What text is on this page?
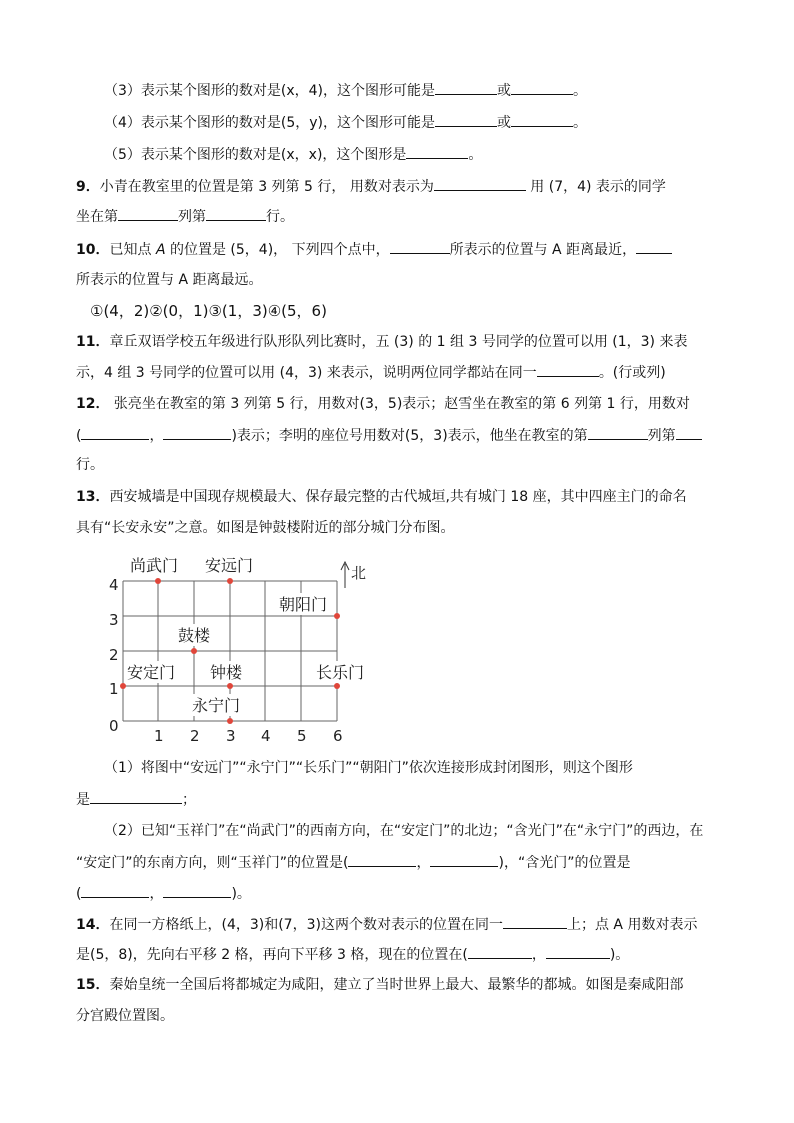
（3）表示某个图形的数对是(x，4)，这个图形可能是	或	。
（4）表示某个图形的数对是(5，y)，这个图形可能是	或	。
（5）表示某个图形的数对是(x，x)，这个图形是	。
9．小青在教室里的位置是第 3 列第 5 行， 用数对表示为	用 (7，4) 表示的同学
坐在第	列第	行。
10．已知点 A 的位置是 (5，4)， 下列四个点中，	所表示的位置与 A 距离最近，
所表示的位置与 A 距离最远。
①(4，2)②(0，1)③(1，3)④(5，6)
11．章丘双语学校五年级进行队形队列比赛时，五 (3) 的 1 组 3 号同学的位置可以用 (1，3) 来表
示，4 组 3 号同学的位置可以用 (4，3) 来表示，说明两位同学都站在同一	。(行或列)
12． 张亮坐在教室的第 3 列第 5 行，用数对(3，5)表示；赵雪坐在教室的第 6 列第 1 行，用数对
(	，	)表示；李明的座位号用数对(5，3)表示，他坐在教室的第	列第
行。
13．西安城墙是中国现存规模最大、保存最完整的古代城垣,共有城门 18 座，其中四座主门的命名
具有“长安永安”之意。如图是钟鼓楼附近的部分城门分布图。
北
4
3
2
1
0
1 2 3 4 5 6
尚武门 安远门
朝阳门
鼓楼
安定门 钟楼	长乐门
永宁门
（1）将图中“安远门”“永宁门”“长乐门”“朝阳门”依次连接形成封闭图形，则这个图形
是	；
（2）已知“玉祥门”在“尚武门”的西南方向，在“安定门”的北边；“含光门”在“永宁门”的西边，在
“安定门”的东南方向，则“玉祥门”的位置是(	，	)，“含光门”的位置是
(	，	)。
14．在同一方格纸上，(4，3)和(7，3)这两个数对表示的位置在同一	上；点 A 用数对表示
是(5，8)，先向右平移 2 格，再向下平移 3 格，现在的位置在(	，	)。
15．秦始皇统一全国后将都城定为咸阳，建立了当时世界上最大、最繁华的都城。如图是秦咸阳部
分宫殿位置图。
